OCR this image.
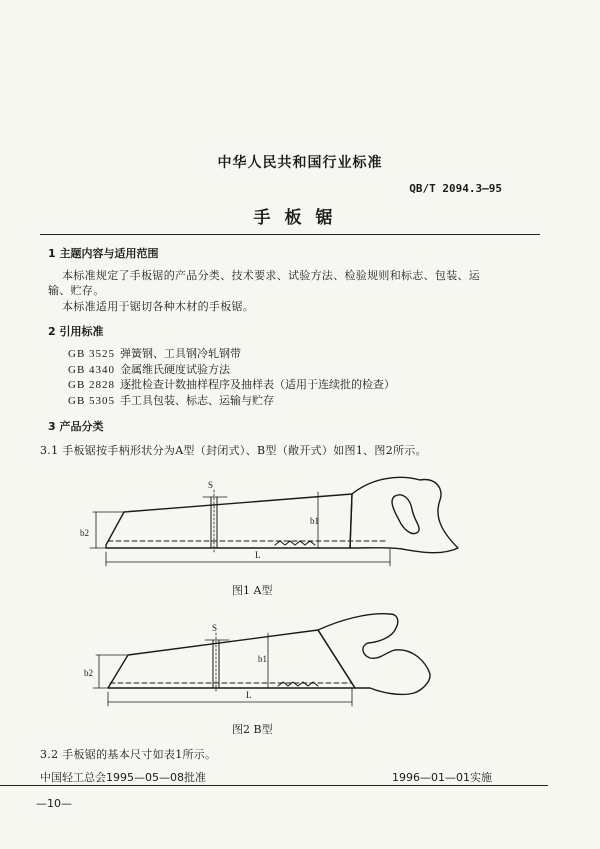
中华人民共和国行业标准
QB/T 2094.3—95
手板锯
1 主题内容与适用范围
本标准规定了手板锯的产品分类、技术要求、试验方法、检验规则和标志、包装、运
输、贮存。
本标准适用于锯切各种木材的手板锯。
2 引用标准
GB 3525 弹簧钢、工具钢冷轧钢带
GB 4340 金属维氏硬度试验方法
GB 2828 逐批检查计数抽样程序及抽样表（适用于连续批的检查）
GB 5305 手工具包装、标志、运输与贮存
3 产品分类
3.1 手板锯按手柄形状分为A型（封闭式）、B型（敞开式）如图1、图2所示。
S
b1
b2
L
S
b1
b2
L
图1 A型
图2 B型
3.2 手板锯的基本尺寸如表1所示。
中国轻工总会1995—05—08批准	1996—01—01实施
—10—
